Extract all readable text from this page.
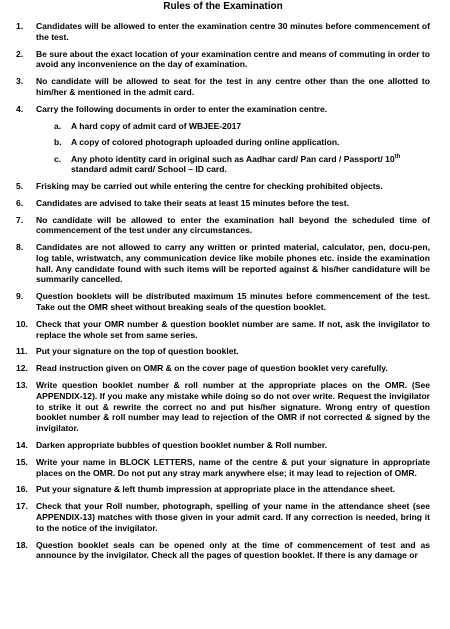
Rules of the Examination
1.	Candidates will be allowed to enter the examination centre 30 minutes before commencement of the test.
2.	Be sure about the exact location of your examination centre and means of commuting in order to avoid any inconvenience on the day of examination.
3.	No candidate will be allowed to seat for the test in any centre other than the one allotted to him/her & mentioned in the admit card.
4.	Carry the following documents in order to enter the examination centre.
a.	A hard copy of admit card of WBJEE-2017
b.	A copy of colored photograph uploaded during online application.
c.	Any photo identity card in original such as Aadhar card/ Pan card / Passport/ 10th standard admit card/ School – ID card.
5.	Frisking may be carried out while entering the centre for checking prohibited objects.
6.	Candidates are advised to take their seats at least 15 minutes before the test.
7.	No candidate will be allowed to enter the examination hall beyond the scheduled time of commencement of the test under any circumstances.
8.	Candidates are not allowed to carry any written or printed material, calculator, pen, docu-pen, log table, wristwatch, any communication device like mobile phones etc. inside the examination hall. Any candidate found with such items will be reported against & his/her candidature will be summarily cancelled.
9.	Question booklets will be distributed maximum 15 minutes before commencement of the test. Take out the OMR sheet without breaking seals of the question booklet.
10. Check that your OMR number & question booklet number are same. If not, ask the invigilator to replace the whole set from same series.
11.	Put your signature on the top of question booklet.
12. Read instruction given on OMR & on the cover page of question booklet very carefully.
13. Write question booklet number & roll number at the appropriate places on the OMR. (See APPENDIX-12). If you make any mistake while doing so do not over write. Request the invigilator to strike it out & rewrite the correct no and put his/her signature. Wrong entry of question booklet number & roll number may lead to rejection of the OMR if not corrected & signed by the invigilator.
14. Darken appropriate bubbles of question booklet number & Roll number.
15. Write your name in BLOCK LETTERS, name of the centre & put your signature in appropriate places on the OMR. Do not put any stray mark anywhere else; it may lead to rejection of OMR.
16. Put your signature & left thumb impression at appropriate place in the attendance sheet.
17. Check that your Roll number, photograph, spelling of your name in the attendance sheet (see APPENDIX-13) matches with those given in your admit card. If any correction is needed, bring it to the notice of the invigilator.
18. Question booklet seals can be opened only at the time of commencement of test and as announce by the invigilator. Check all the pages of question booklet. If there is any damage or
